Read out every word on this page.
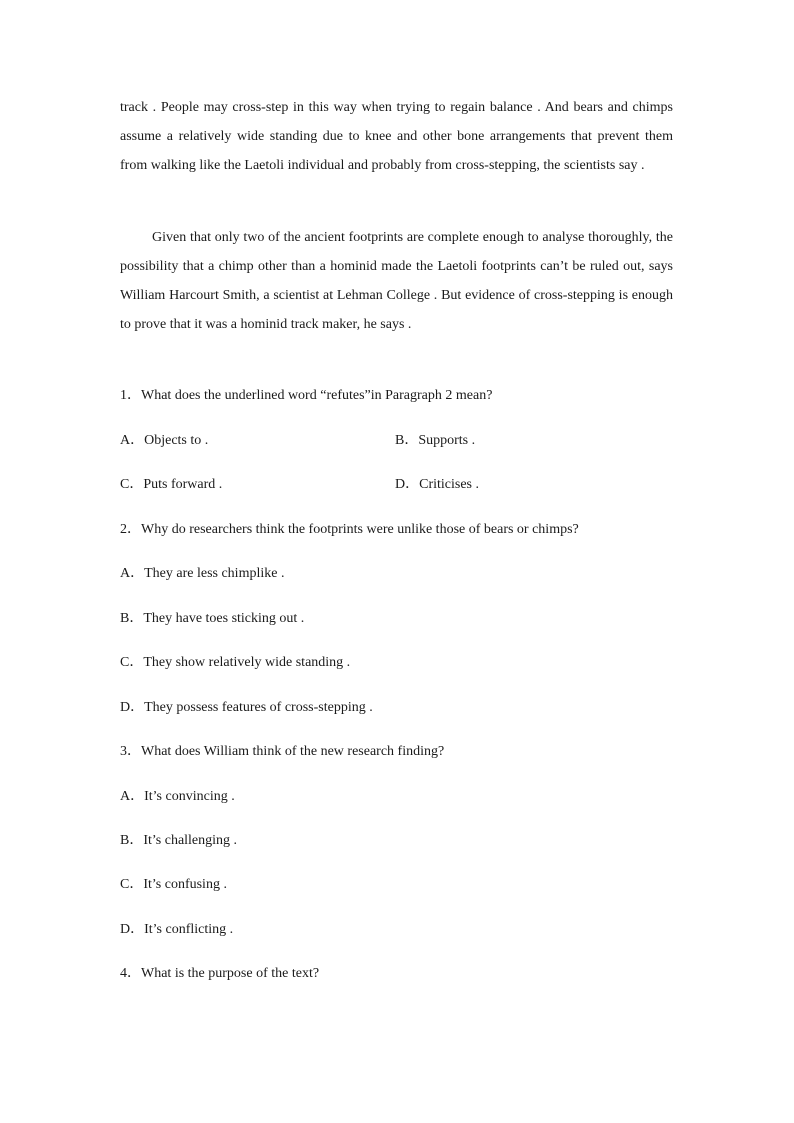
track . People may cross-step in this way when trying to regain balance . And bears and chimps assume a relatively wide standing due to knee and other bone arrangements that prevent them from walking like the Laetoli individual and probably from cross-stepping, the scientists say .

Given that only two of the ancient footprints are complete enough to analyse thoroughly, the possibility that a chimp other than a hominid made the Laetoli footprints can’t be ruled out, says William Harcourt Smith, a scientist at Lehman College . But evidence of cross-stepping is enough to prove that it was a hominid track maker, he says .

1．What does the underlined word “refutes”in Paragraph 2 mean?

A．Objects to .	B．Supports .

C．Puts forward .	D．Criticises .

2．Why do researchers think the footprints were unlike those of bears or chimps?

A．They are less chimplike .

B．They have toes sticking out .

C．They show relatively wide standing .

D．They possess features of cross-stepping .

3．What does William think of the new research finding?

A．It’s convincing .

B．It’s challenging .

C．It’s confusing .

D．It’s conflicting .

4．What is the purpose of the text?
